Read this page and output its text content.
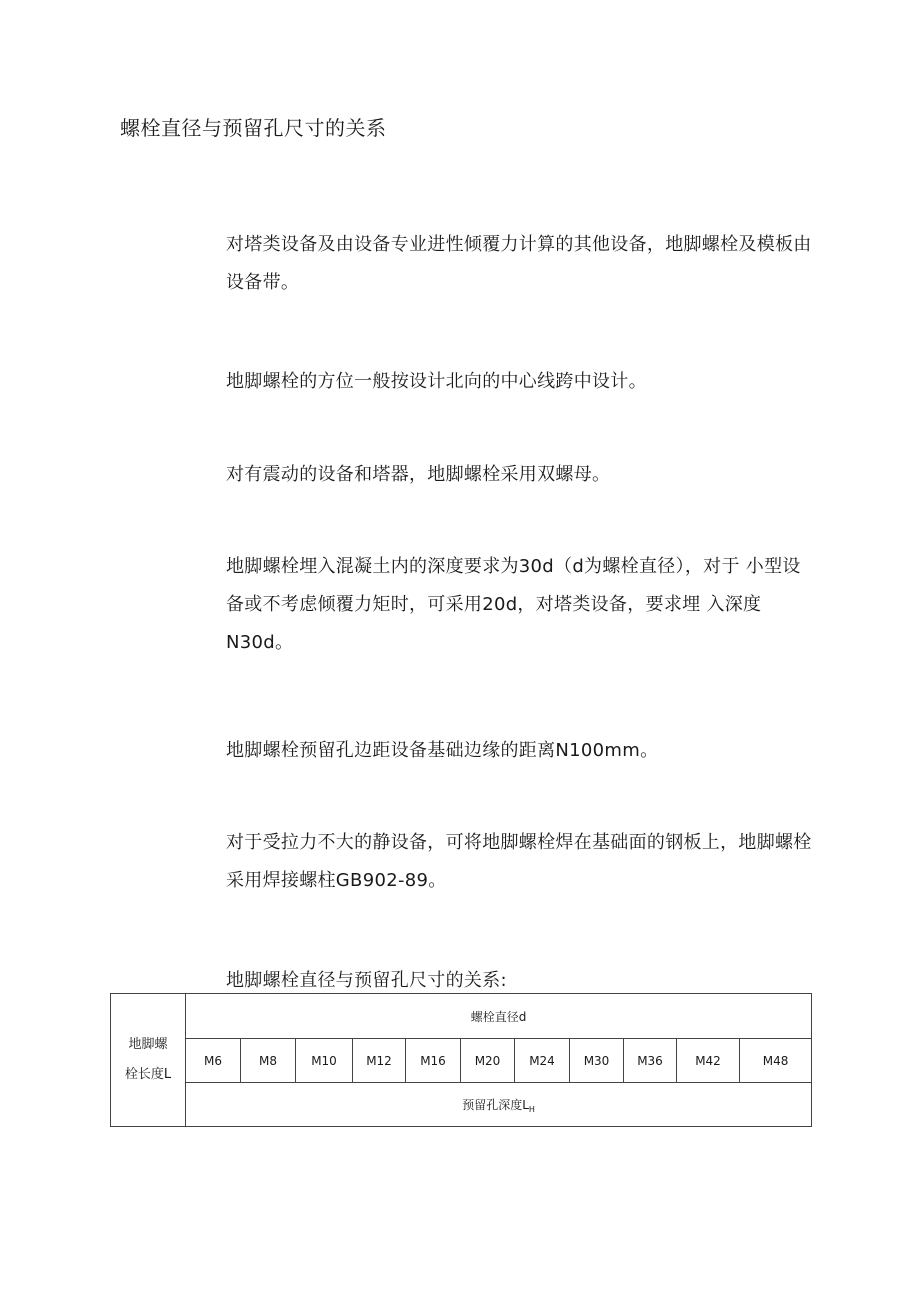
螺栓直径与预留孔尺寸的关系

对塔类设备及由设备专业进性倾覆力计算的其他设备，地脚螺栓及模板由设备带。

地脚螺栓的方位一般按设计北向的中心线跨中设计。

对有震动的设备和塔器，地脚螺栓采用双螺母。

地脚螺栓埋入混凝土内的深度要求为30d（d为螺栓直径），对于 小型设备或不考虑倾覆力矩时，可采用20d，对塔类设备，要求埋 入深度N30d。

地脚螺栓预留孔边距设备基础边缘的距离N100mm。

对于受拉力不大的静设备，可将地脚螺栓焊在基础面的钢板上，地脚螺栓采用焊接螺柱GB902-89。

地脚螺栓直径与预留孔尺寸的关系:

地脚螺
栓长度L	螺栓直径d										
	M6	M8	M10	M12	M16	M20	M24	M30	M36	M42	M48
	预留孔深度$L_H$
